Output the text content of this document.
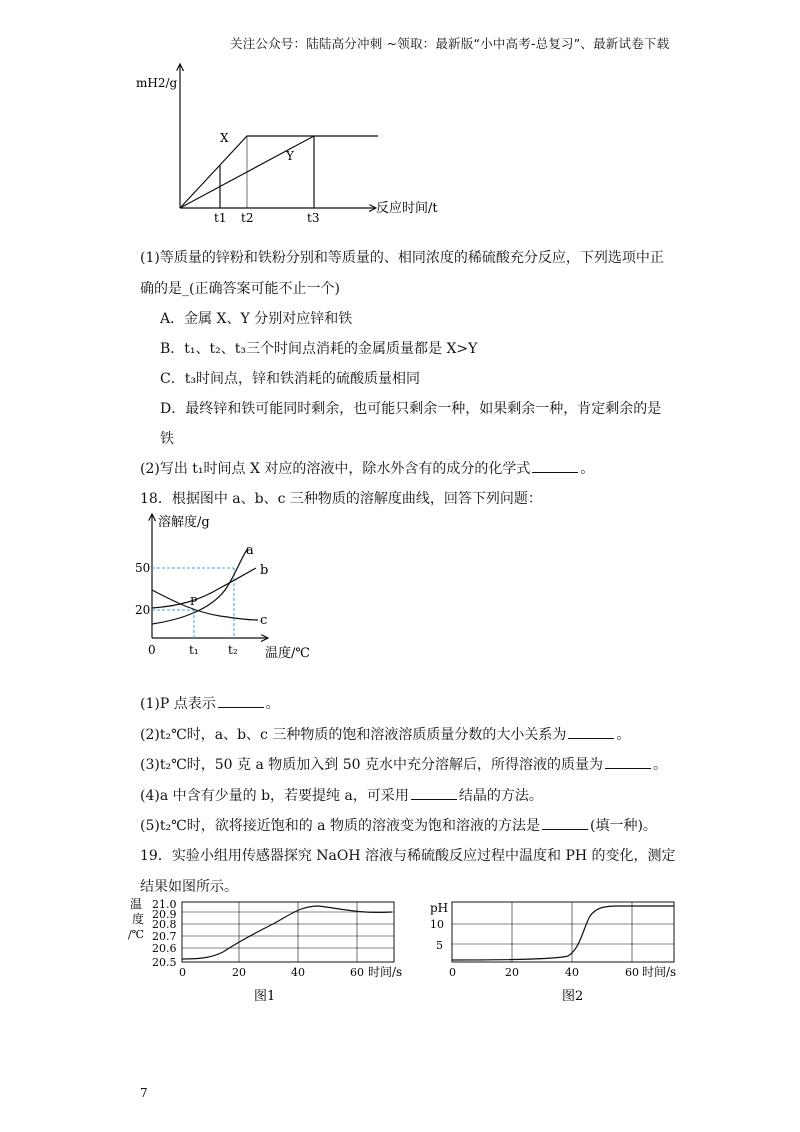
关注公众号：陆陆高分冲刺 ~领取：最新版“小中高考-总复习”、最新试卷下载
mH2/g
反应时间/t
X
Y
t1 t2	t3
(1)等质量的锌粉和铁粉分别和等质量的、相同浓度的稀硫酸充分反应，下列选项中正
确的是_(正确答案可能不止一个)
A．金属 X、Y 分别对应锌和铁
B．t₁、t₂、t₃三个时间点消耗的金属质量都是 X>Y
C．t₃时间点，锌和铁消耗的硫酸质量相同
D．最终锌和铁可能同时剩余，也可能只剩余一种，如果剩余一种，肯定剩余的是
铁
(2)写出 t₁时间点 X 对应的溶液中，除水外含有的成分的化学式	。
18．根据图中 a、b、c 三种物质的溶解度曲线，回答下列问题：
溶解度/g
温度/℃
50
20
0	t₁ t₂
a
b
c
P
(1)P 点表示	。
(2)t₂℃时，a、b、c 三种物质的饱和溶液溶质质量分数的大小关系为	。
(3)t₂℃时，50 克 a 物质加入到 50 克水中充分溶解后，所得溶液的质量为	。
(4)a 中含有少量的 b，若要提纯 a，可采用	结晶的方法。
(5)t₂℃时，欲将接近饱和的 a 物质的溶液变为饱和溶液的方法是	(填一种)。
19．实验小组用传感器探究 NaOH 溶液与稀硫酸反应过程中温度和 PH 的变化，测定
结果如图所示。
温
度
/℃
21.0
20.9
20.8
20.7
20.6
20.5
0	20	40	60 时间/s
图1
pH
10
5
0	20	40	60 时间/s
图2
7
